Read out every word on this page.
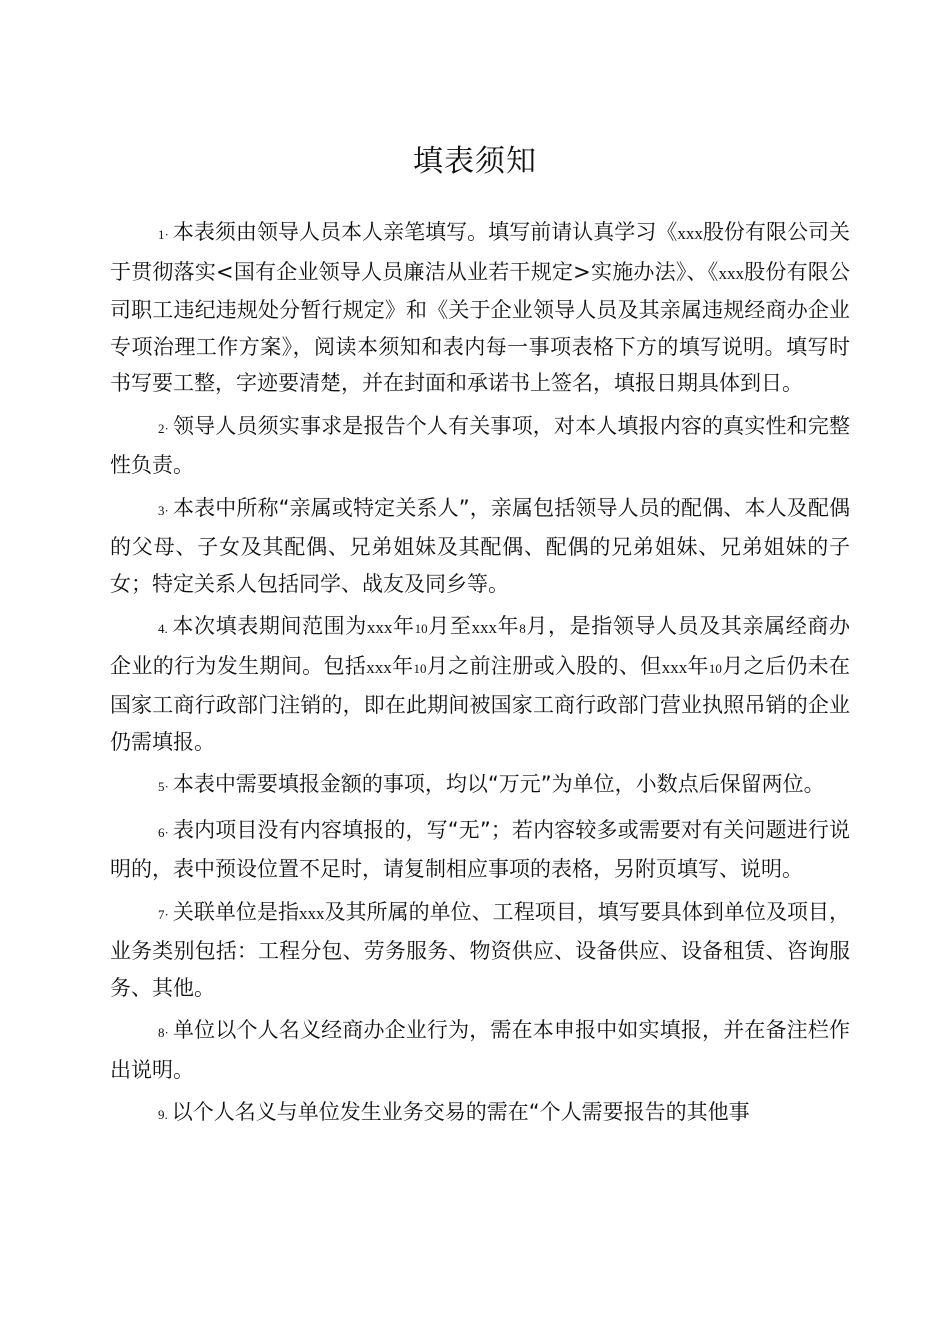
填表须知

1· 本表须由领导人员本人亲笔填写。填写前请认真学习《xxx股份有限公司关于贯彻落实<国有企业领导人员廉洁从业若干规定>实施办法》、《xxx股份有限公司职工违纪违规处分暂行规定》和《关于企业领导人员及其亲属违规经商办企业专项治理工作方案》，阅读本须知和表内每一事项表格下方的填写说明。填写时书写要工整，字迹要清楚，并在封面和承诺书上签名，填报日期具体到日。

2· 领导人员须实事求是报告个人有关事项，对本人填报内容的真实性和完整性负责。

3· 本表中所称“亲属或特定关系人”，亲属包括领导人员的配偶、本人及配偶的父母、子女及其配偶、兄弟姐妹及其配偶、配偶的兄弟姐妹、兄弟姐妹的子女；特定关系人包括同学、战友及同乡等。

4. 本次填表期间范围为xxx年10月至xxx年8月，是指领导人员及其亲属经商办企业的行为发生期间。包括xxx年10月之前注册或入股的、但xxx年10月之后仍未在国家工商行政部门注销的，即在此期间被国家工商行政部门营业执照吊销的企业仍需填报。

5· 本表中需要填报金额的事项，均以“万元”为单位，小数点后保留两位。

6· 表内项目没有内容填报的，写“无”；若内容较多或需要对有关问题进行说明的，表中预设位置不足时，请复制相应事项的表格，另附页填写、说明。

7· 关联单位是指xxx及其所属的单位、工程项目，填写要具体到单位及项目，业务类别包括：工程分包、劳务服务、物资供应、设备供应、设备租赁、咨询服务、其他。

8· 单位以个人名义经商办企业行为，需在本申报中如实填报，并在备注栏作出说明。

9. 以个人名义与单位发生业务交易的需在“个人需要报告的其他事
